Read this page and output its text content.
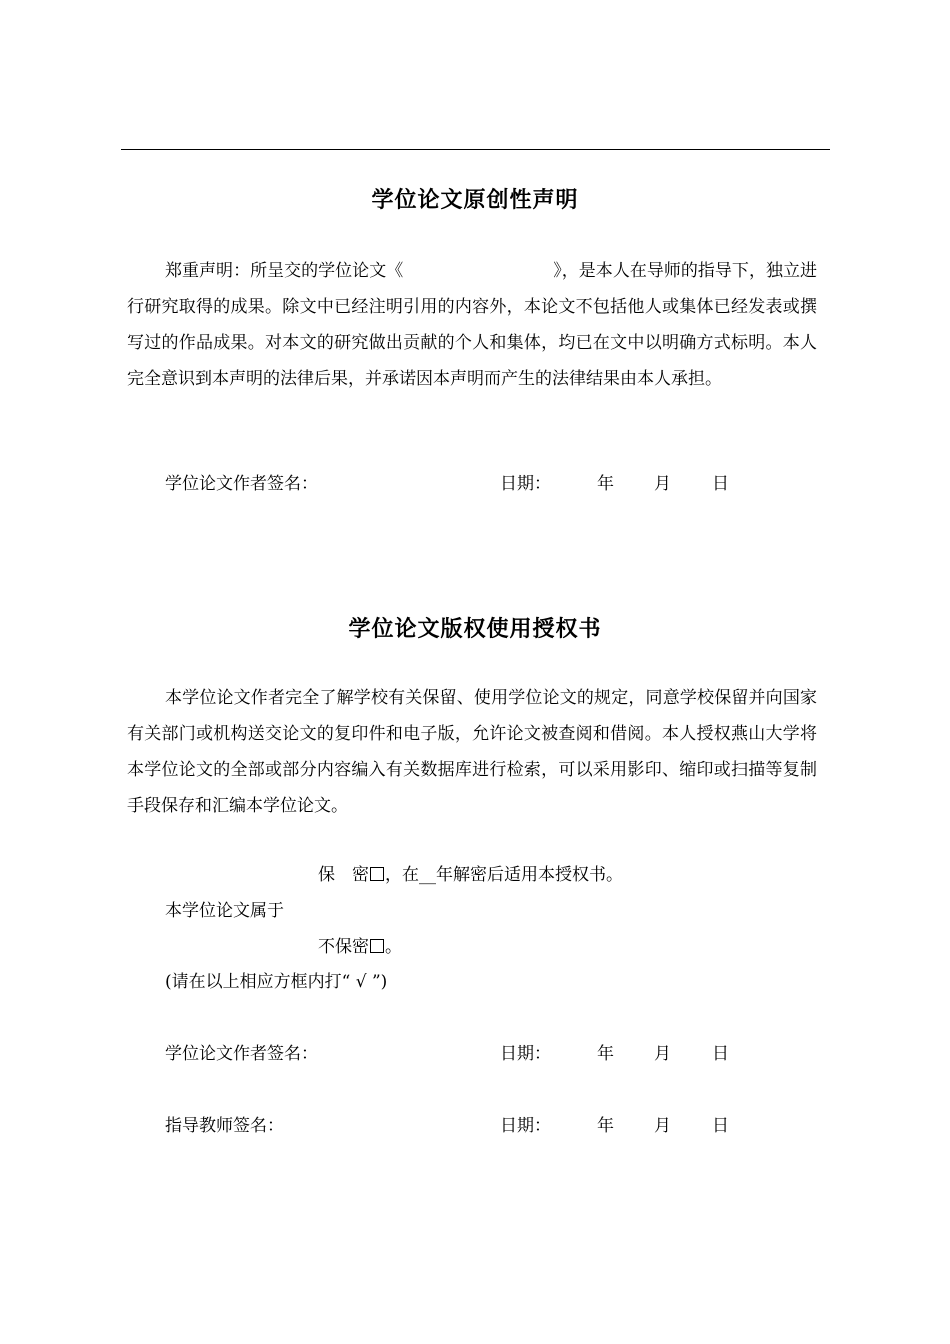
学位论文原创性声明
郑重声明：所呈交的学位论文《	》，是本人在导师的指导下，独立进行研究取得的成果。除文中已经注明引用的内容外，本论文不包括他人或集体已经发表或撰写过的作品成果。对本文的研究做出贡献的个人和集体，均已在文中以明确方式标明。本人完全意识到本声明的法律后果，并承诺因本声明而产生的法律结果由本人承担。
学位论文作者签名：	日期：	年 月 日
学位论文版权使用授权书
本学位论文作者完全了解学校有关保留、使用学位论文的规定，同意学校保留并向国家有关部门或机构送交论文的复印件和电子版，允许论文被查阅和借阅。本人授权燕山大学将本学位论文的全部或部分内容编入有关数据库进行检索，可以采用影印、缩印或扫描等复制手段保存和汇编本学位论文。
保　密 ，在__年解密后适用本授权书。
本学位论文属于
不保密 。
(请在以上相应方框内打“ √ ”)
学位论文作者签名：	日期：	年 月 日
指导教师签名：	日期：	年 月 日
